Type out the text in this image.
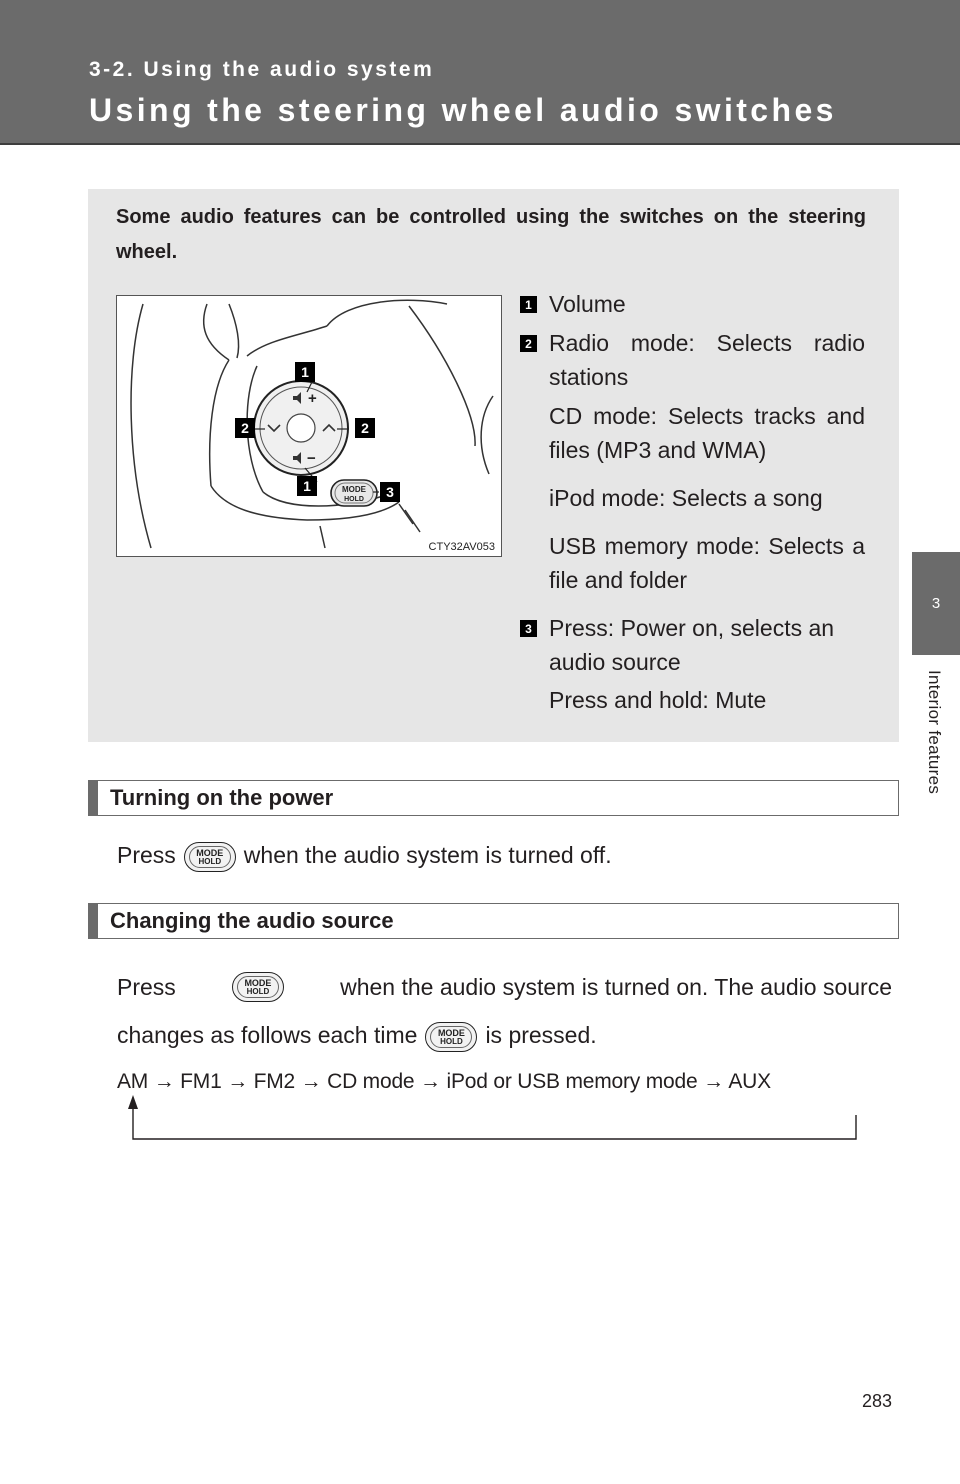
3-2. Using the audio system
Using the steering wheel audio switches
3
Interior features
Some audio features can be controlled using the switches on the steering wheel.
MODE
HOLD
+
−
1
2	2
1	3
CTY32AV053
1 Volume
2 Radio mode: Selects radio stations
CD mode: Selects tracks and files (MP3 and WMA)
iPod mode: Selects a song
USB memory mode: Selects a file and folder
3 Press: Power on, selects an audio source
Press and hold: Mute
Turning on the power
Press	MODE
HOLD when the audio system is turned off.
Changing the audio source
Press	MODE
HOLD	when the audio system is turned on. The audio source
changes as follows each time	MODE
HOLD is pressed.
AM → FM1 → FM2 → CD mode → iPod or USB memory mode → AUX
283
